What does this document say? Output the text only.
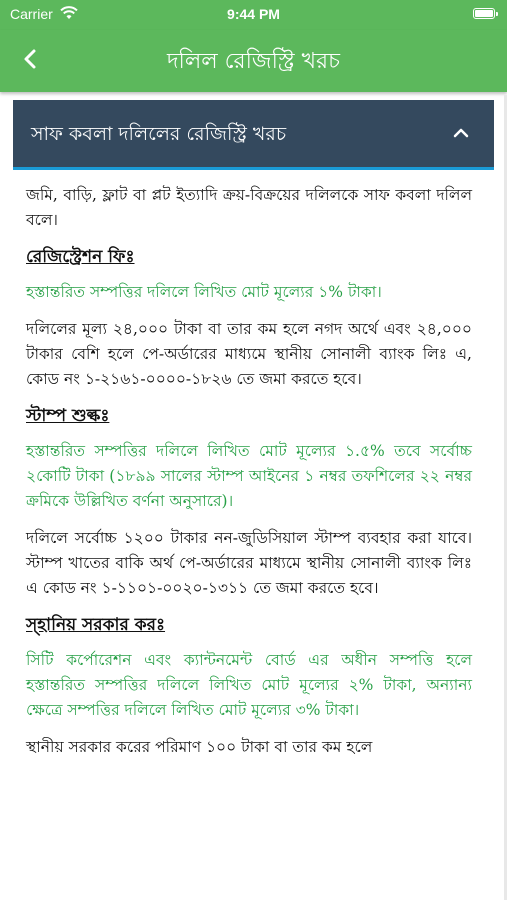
Carrier	9:44 PM
দলিল রেজিস্ট্রি খরচ
সাফ কবলা দলিলের রেজিস্ট্রি খরচ

জমি, বাড়ি, ফ্লাট বা প্লট ইত্যাদি ক্রয়-বিক্রয়ের দলিলকে সাফ কবলা দলিল বলে।

রেজিস্ট্রেশন ফিঃ

হস্তান্তরিত সম্পত্তির দলিলে লিখিত মোট মূল্যের ১% টাকা।

দলিলের মূল্য ২৪,০০০ টাকা বা তার কম হলে নগদ অর্থে এবং ২৪,০০০ টাকার বেশি হলে পে-অর্ডারের মাধ্যমে স্থানীয় সোনালী ব্যাংক লিঃ এ, কোড নং ১-২১৬১-০০০০-১৮২৬ তে জমা করতে হবে।

স্টাম্প শুল্কঃ

হস্তান্তরিত সম্পত্তির দলিলে লিখিত মোট মূল্যের ১.৫% তবে সর্বোচ্চ ২কোটি টাকা (১৮৯৯ সালের স্টাম্প আইনের ১ নম্বর তফশিলের ২২ নম্বর ক্রমিকে উল্লিখিত বর্ণনা অনুসারে)।

দলিলে সর্বোচ্চ ১২০০ টাকার নন-জুডিসিয়াল স্টাম্প ব্যবহার করা যাবে। স্টাম্প খাতের বাকি অর্থ পে-অর্ডারের মাধ্যমে স্থানীয় সোনালী ব্যাংক লিঃ এ কোড নং ১-১১০১-০০২০-১৩১১ তে জমা করতে হবে।

স্হানিয় সরকার করঃ

সিটি কর্পোরেশন এবং ক্যান্টনমেন্ট বোর্ড এর অধীন সম্পত্তি হলে হস্তান্তরিত সম্পত্তির দলিলে লিখিত মোট মূল্যের ২% টাকা, অন্যান্য ক্ষেত্রে সম্পত্তির দলিলে লিখিত মোট মূল্যের ৩% টাকা।

স্থানীয় সরকার করের পরিমাণ ১০০ টাকা বা তার কম হলে
